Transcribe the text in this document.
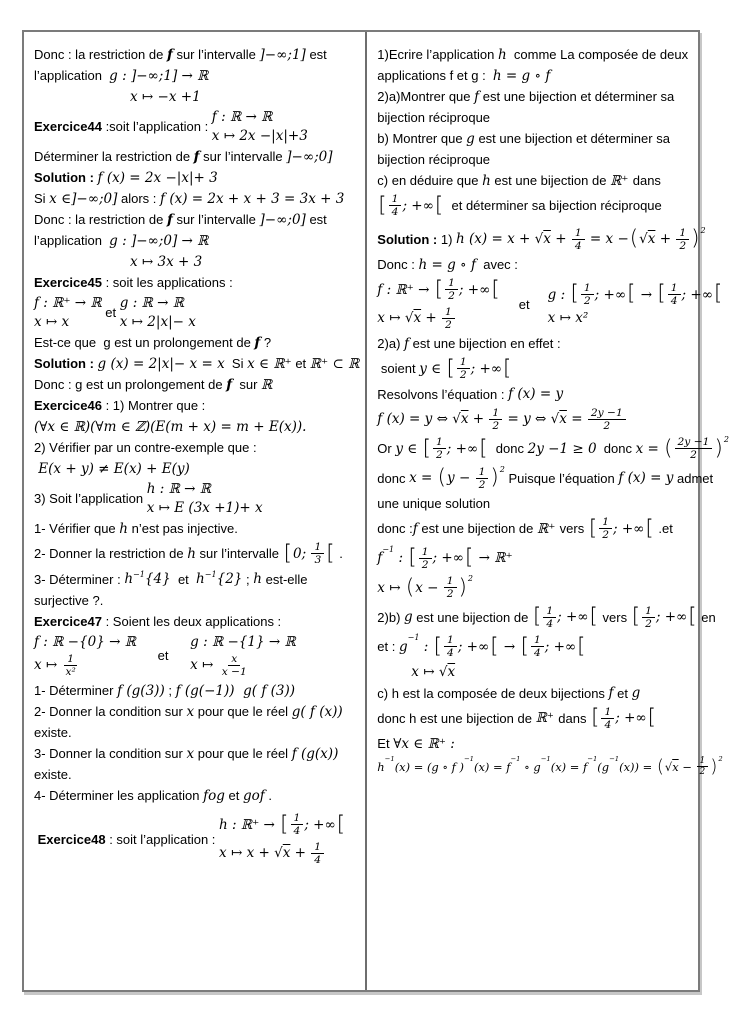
Donc : la restriction de f sur l’intervalle ]−∞;1] est
l’application g : ]−∞;1] → ℝ
x ↦ −x +1
Exercice44 :soit l’application :
f : ℝ → ℝ
x ↦ 2x −|x|+3
Déterminer la restriction de f sur l’intervalle ]−∞;0]
Solution : f (x) = 2x −|x|+ 3
Si x ∈]−∞;0] alors : f (x) = 2x + x + 3 = 3x + 3
Donc : la restriction de f sur l’intervalle ]−∞;0] est
l’application g : ]−∞;0] → ℝ
x ↦ 3x + 3
Exercice45 : soit les applications :
f : ℝ⁺ → ℝ
x ↦ x
et
g : ℝ → ℝ
x ↦ 2|x|− x
Est-ce que  g est un prolongement de f ?
Solution : g (x) = 2|x|− x = x Si x ∈ ℝ⁺ et ℝ⁺ ⊂ ℝ
Donc : g est un prolongement de f sur ℝ
Exercice46 : 1) Montrer que :
(∀x ∈ ℝ)(∀m ∈ ℤ)(E(m + x) = m + E(x)).
2) Vérifier par un contre-exemple que :
E(x + y) ≠ E(x) + E(y)
3) Soit l’application
h : ℝ → ℝ
x ↦ E (3x +1)+ x
1- Vérifier que h n’est pas injective.
2- Donner la restriction de h sur l’intervalle [ 0; 1
3 [ .
3- Déterminer : h −1 {4} et h −1 {2} ; h est-elle
surjective ?.
Exercice47 : Soient les deux applications :
f : ℝ −{0} → ℝ
x ↦ 1
x²
et
g : ℝ −{1} → ℝ
x ↦ x
x −1
1- Déterminer f (g(3)) ; f (g(−1))  g( f (3))
2- Donner la condition sur x pour que le réel g( f (x))
existe.
3- Donner la condition sur x pour que le réel f (g(x))
existe.
4- Déterminer les application fog et gof .
Exercice48 : soit l’application :
h : ℝ⁺ → [ 1
4 ; +∞ [
x ↦ $x + √x + \frac{1}{4}$
1)Ecrire l’application h comme La composée de deux
applications f et g : h = g ∘ f
2)a)Montrer que f est une bijection et déterminer sa
bijection réciproque
b) Montrer que g est une bijection et déterminer sa
bijection réciproque
c) en déduire que h est une bijection de ℝ⁺ dans
[ 1
4 ; +∞ [ et déterminer sa bijection réciproque
Solution : 1) h $(x) = x + √x + \frac{1}{4} = x$ − ( $√x + \frac{1}{2}$ ) 2
Donc : h = g ∘ f avec :
f : ℝ⁺ → [ 1
2 ; +∞ [
x ↦ $√x + \frac{1}{2}$
et
g : [ 1
2 ; +∞ [ → [ 1
4 ; +∞ [
x ↦ x²
2)a) f est une bijection en effet :
soient y ∈ [ 1
2 ; +∞ [
Resolvons l’équation : f (x) = y
f (x) = y ⇔ $√x + \frac{1}{2} = y$ ⇔ $√x = \frac{2y -1}{2}$
Or y ∈ [ 1
2 ; +∞ [ donc 2y −1 ≥ 0 donc x = ( 2y −1
2 ) 2
donc x = ( $y - \frac{1}{2}$ ) 2
Puisque l’équation f (x) = y admet
une unique solution
donc : f est une bijection de ℝ⁺ vers [ 1
2 ; +∞ [ .et
f
−1
: [ 1
2 ; +∞ [ → ℝ⁺
x ↦ ( $x - \frac{1}{2}$ ) 2
2)b) g est une bijection de [ 1
4 ; +∞ [ vers [ 1
2 ; +∞ [ en
et : g
−1
: [ 1
4 ; +∞ [ → [ 1
4 ; +∞ [
x ↦ √x
c) h est la composée de deux bijections f et g
donc h est une bijection de ℝ⁺ dans [ 1
4 ; +∞ [
Et ∀x ∈ ℝ⁺ :
h
−1
(x) = (g ∘ f )
−1
(x) = f
−1
∘ g
−1
(x) = f
−1
(g
−1
(x)) = ( $√x - \frac{1}{2}$ ) 2
